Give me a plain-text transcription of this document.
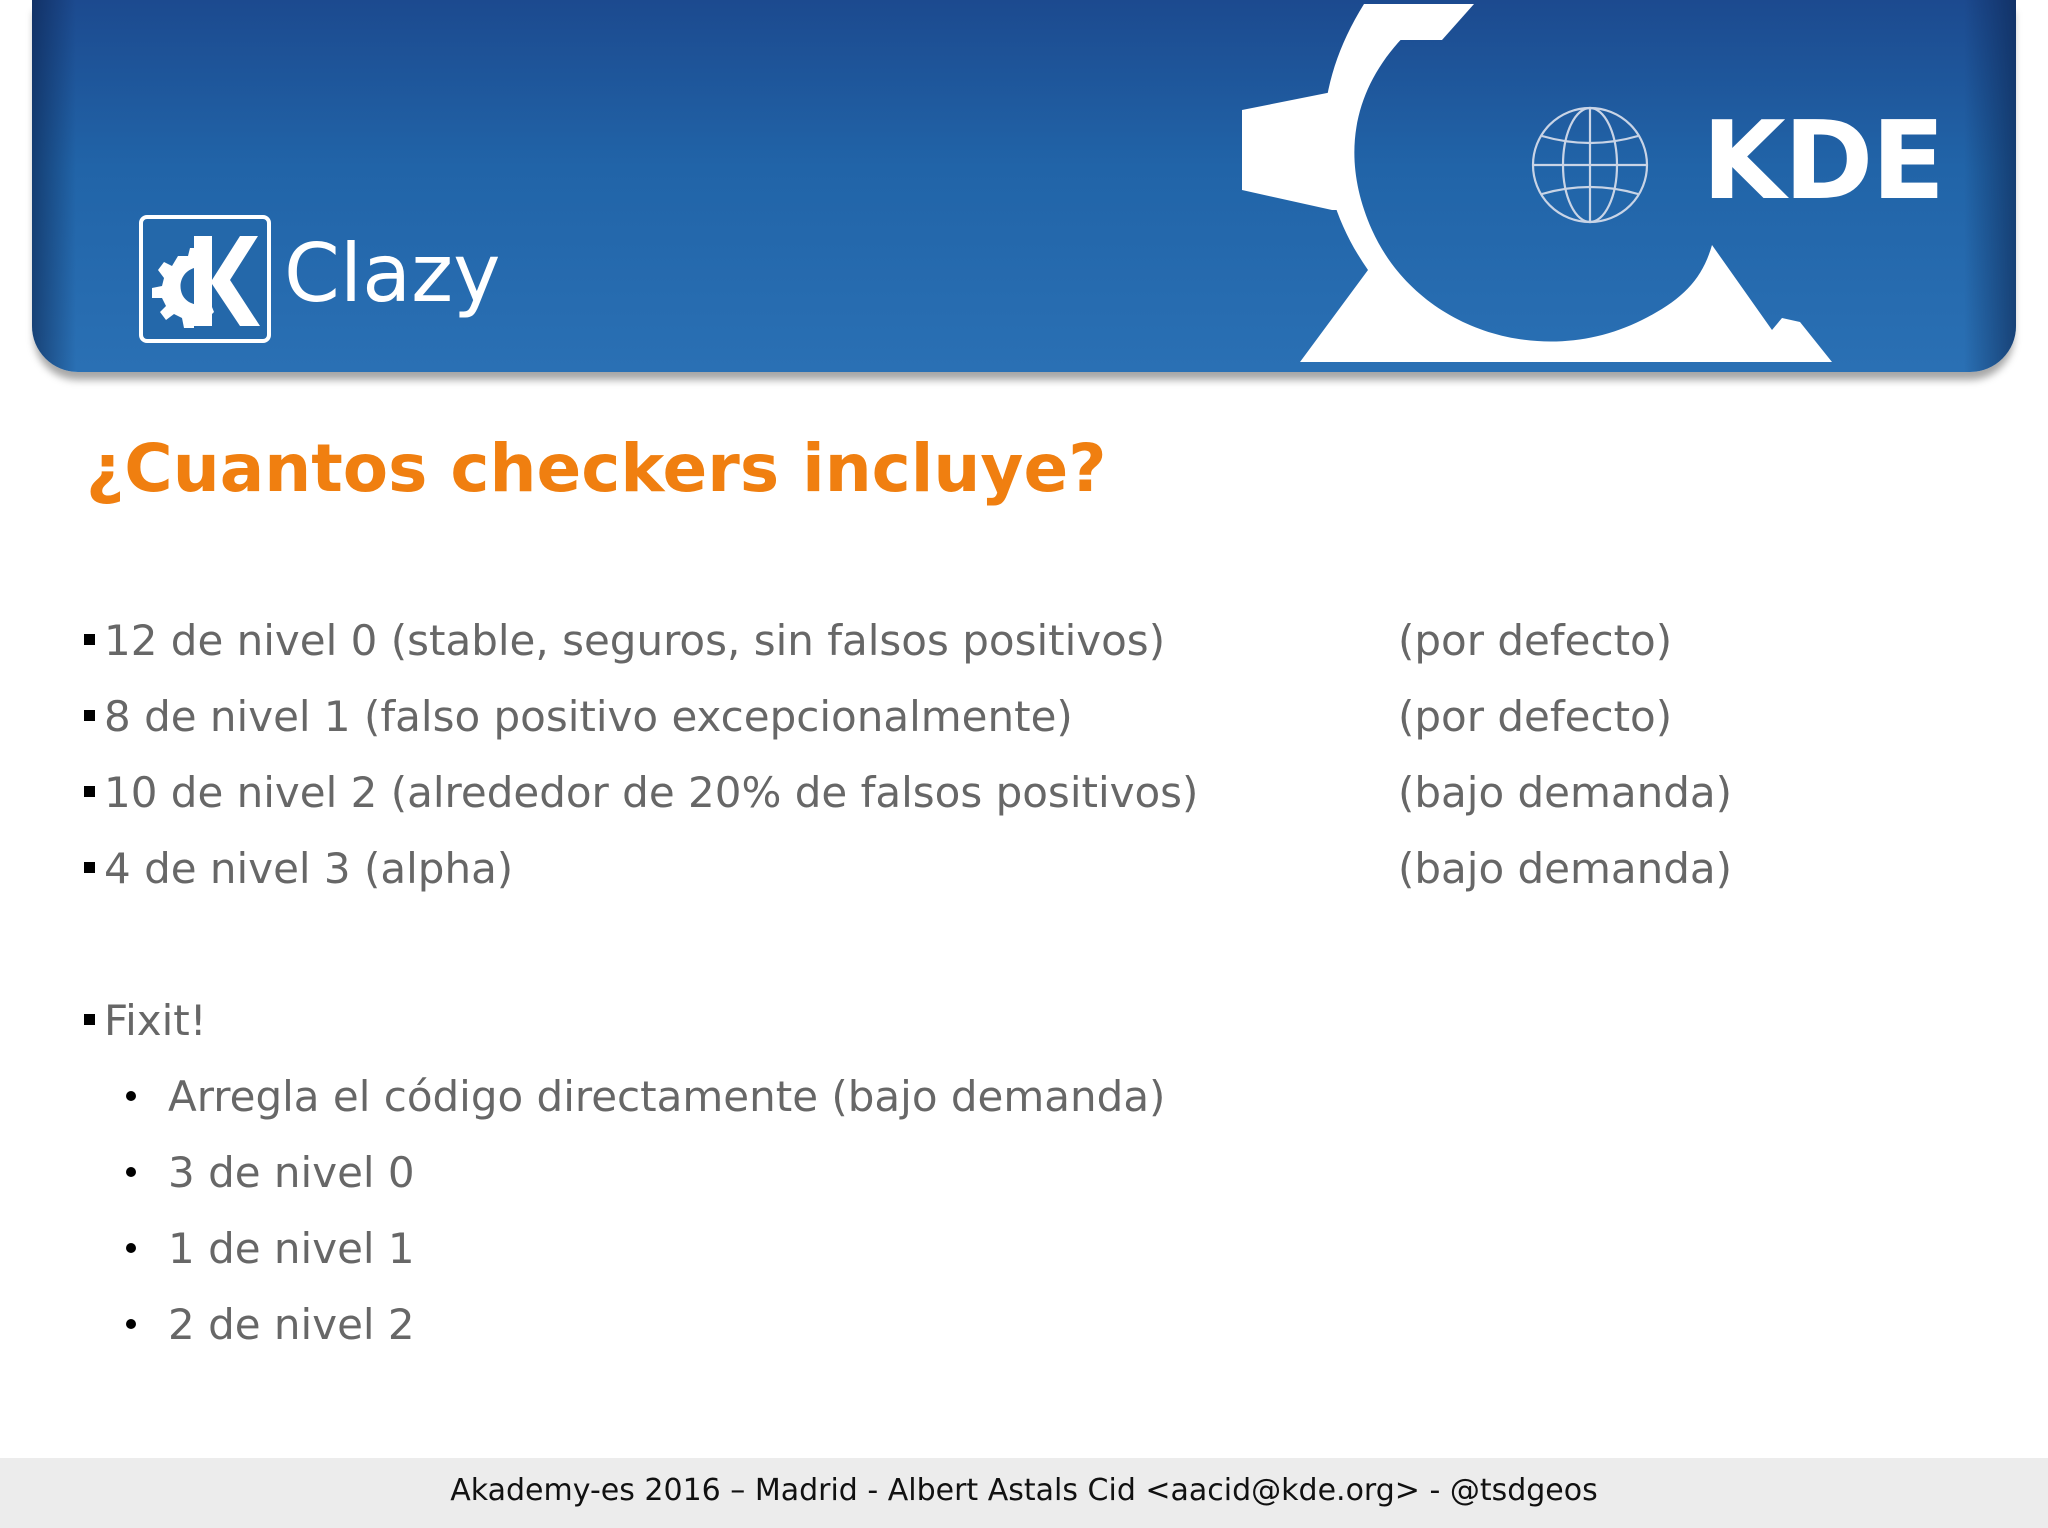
KDE
Clazy
¿Cuantos checkers incluye?
12 de nivel 0 (stable, seguros, sin falsos positivos)	(por defecto)
8 de nivel 1 (falso positivo excepcionalmente)	(por defecto)
10 de nivel 2 (alrededor de 20% de falsos positivos)	(bajo demanda)
4 de nivel 3 (alpha)	(bajo demanda)
Fixit!
Arregla el código directamente (bajo demanda)
3 de nivel 0
1 de nivel 1
2 de nivel 2
Akademy-es 2016 – Madrid - Albert Astals Cid <aacid@kde.org> - @tsdgeos
